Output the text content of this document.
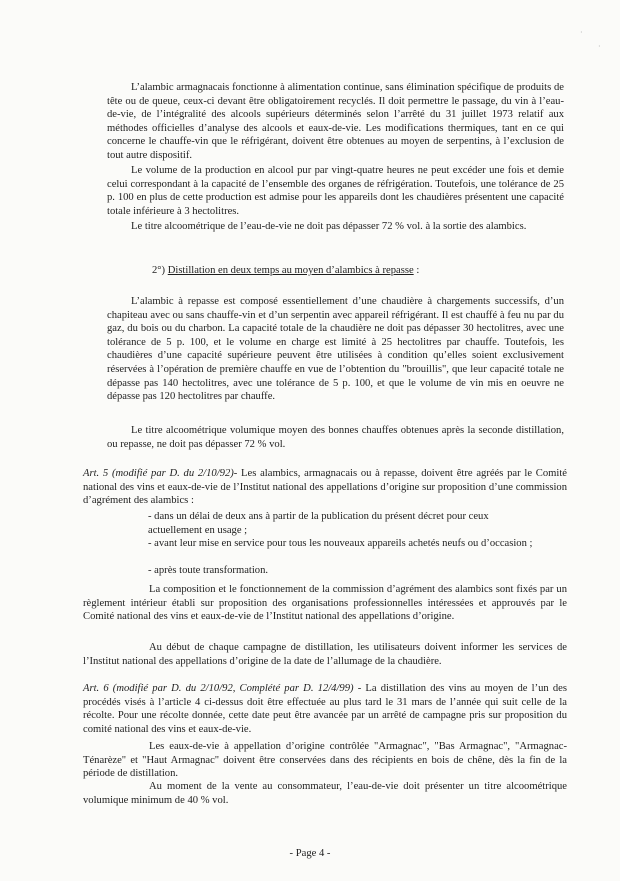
·
·

L’alambic armagnacais fonctionne à alimentation continue, sans élimination spécifique de produits de tête ou de queue, ceux-ci devant être obligatoirement recyclés. Il doit permettre le passage, du vin à l’eau-de-vie, de l’intégralité des alcools supérieurs déterminés selon l’arrêté du 31 juillet 1973 relatif aux méthodes officielles d’analyse des alcools et eaux-de-vie. Les modifications thermiques, tant en ce qui concerne le chauffe-vin que le réfrigérant, doivent être obtenues au moyen de serpentins, à l’exclusion de tout autre dispositif.

Le volume de la production en alcool pur par vingt-quatre heures ne peut excéder une fois et demie celui correspondant à la capacité de l’ensemble des organes de réfrigération. Toutefois, une tolérance de 25 p. 100 en plus de cette production est admise pour les appareils dont les chaudières présentent une capacité totale inférieure à 3 hectolitres.

Le titre alcoométrique de l’eau-de-vie ne doit pas dépasser 72 % vol. à la sortie des alambics.

2°) Distillation en deux temps au moyen d’alambics à repasse :

L’alambic à repasse est composé essentiellement d’une chaudière à chargements successifs, d’un chapiteau avec ou sans chauffe-vin et d’un serpentin avec appareil réfrigérant. Il est chauffé à feu nu par du gaz, du bois ou du charbon. La capacité totale de la chaudière ne doit pas dépasser 30 hectolitres, avec une tolérance de 5 p. 100, et le volume en charge est limité à 25 hectolitres par chauffe. Toutefois, les chaudières d’une capacité supérieure peuvent être utilisées à condition qu’elles soient exclusivement réservées à l’opération de première chauffe en vue de l’obtention du "brouillis", que leur capacité totale ne dépasse pas 140 hectolitres, avec une tolérance de 5 p. 100, et que le volume de vin mis en oeuvre ne dépasse pas 120 hectolitres par chauffe.

Le titre alcoométrique volumique moyen des bonnes chauffes obtenues après la seconde distillation, ou repasse, ne doit pas dépasser 72 % vol.

Art. 5 (modifié par D. du 2/10/92)- Les alambics, armagnacais ou à repasse, doivent être agréés par le Comité national des vins et eaux-de-vie de l’Institut national des appellations d’origine sur proposition d’une commission d’agrément des alambics :

- dans un délai de deux ans à partir de la publication du présent décret pour ceux actuellement en usage ;

- avant leur mise en service pour tous les nouveaux appareils achetés neufs ou d’occasion ;

- après toute transformation.

La composition et le fonctionnement de la commission d’agrément des alambics sont fixés par un règlement intérieur établi sur proposition des organisations professionnelles intéressées et approuvés par le Comité national des vins et eaux-de-vie de l’Institut national des appellations d’origine.

Au début de chaque campagne de distillation, les utilisateurs doivent informer les services de l’Institut national des appellations d’origine de la date de l’allumage de la chaudière.

Art. 6 (modifié par D. du 2/10/92, Complété par D. 12/4/99) - La distillation des vins au moyen de l’un des procédés visés à l’article 4 ci-dessus doit être effectuée au plus tard le 31 mars de l’année qui suit celle de la récolte. Pour une récolte donnée, cette date peut être avancée par un arrêté de campagne pris sur proposition du comité national des vins et eaux-de-vie.

Les eaux-de-vie à appellation d’origine contrôlée "Armagnac", "Bas Armagnac", "Armagnac-Ténarèze" et "Haut Armagnac" doivent être conservées dans des récipients en bois de chêne, dès la fin de la période de distillation.

Au moment de la vente au consommateur, l’eau-de-vie doit présenter un titre alcoométrique volumique minimum de 40 % vol.

- Page 4 -
